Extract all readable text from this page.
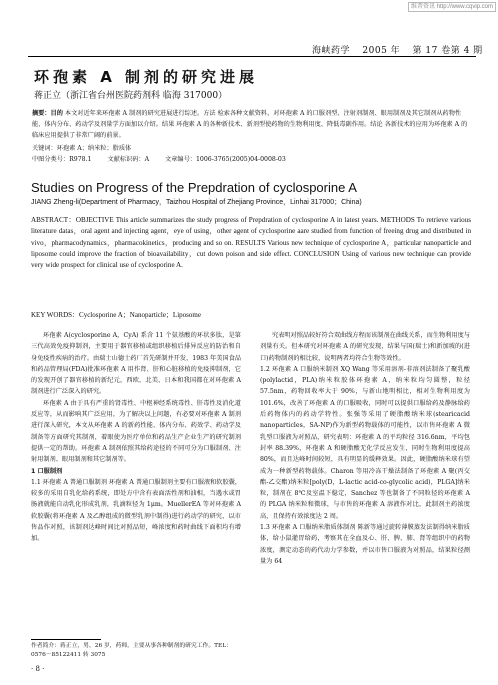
维普资讯 http://www.cqvip.com
海峡药学 2005 年 第 17 卷第 4 期
环孢素 A 制剂的研究进展
蒋正立（浙江省台州医院药剂科 临海 317000）
摘要：目的 本文对近年来环孢素 A 制剂的研究进展进行综述。方法 检索各种文献资料，对环孢素 A 的口服剂型、注射剂制剂、眼用制剂及其它制剂从药物性能、体内分布、药动学及剂量学方面加以介绍。结果 环孢素 A 的各种新技术、新剂型使药物的生物利用度、降低毒副作用。结论 各新技术的应用为环孢素 A 的临床应用提供了非常广阔的前景。
关键词：环孢素 A；纳米粒；脂质体
中图分类号：R978.1	文献标识码：A	文章编号：1006-3765(2005)04-0008-03
Studies on Progress of the Prepdration of cyclosporine A
JIANG Zheng-li(Department of Pharmacy，Taizhou Hospital of Zhejiang Province，Linhai 317000；China)
ABSTRACT：OBJECTIVE This article summarizes the study progress of Prepdration of cyclosporine A in latest years. METHODS To retrieve various literature datas，oral agent and injecting agent，eye of using，other agent of cyclosporine aare studied from function of freeing drug and distributed in vivo，pharmacodynamics，pharmacokinetics，producing and so on. RESULTS Various new technique of cyclosporine A，particular nanoparticle and liposome could improve the fraction of bioavailability，cut down poison and side effect. CONCLUSION Using of various new technique can provide very wide prospect for clinical use of cyclosporine A.
KEY WORDS：Cyclosporine A；Nanoparticle；Liposome

环孢素 A(cyclosporine A，CyA) 系含 11 个氨基酸的环状多肽，是第三代高效免疫抑制剂，主要用于器官移植或组织移植后排异反应的防治和自身免疫性疾病的治疗。由瑞士山德士药厂首先研制并开发，1983 年美国食品和药品管理局(FDA)批准环孢素 A 用作肾、肝和心脏移植的免疫抑制剂，它的发现开创了器官移植的新纪元，西欧、北美、日本和我国都在对环孢素 A 制剂进行广泛深入的研究。

环孢素 A 由于具有严重的肾毒性、中枢神经系统毒性、肝毒性及消化道反应等，从而影响其广泛应用，为了解决以上问题，有必要对环孢素 A 制剂进行深入研究，本文从环孢素 A 的新药性能、体内分布、药效学、药动学及制备等方面研究其制剂，着眼使为医疗单位和药品生产企业生产的研究制剂提供一定的帮助。环孢素 A 制剂依照其给药途径的不同可分为口服制剂、注射用制剂、眼用制剂和其它制剂等。

1 口服制剂

1.1 环孢素 A 普通口服制剂 环孢素 A 普通口服制剂主要有口服液和软胶囊，较多的采用自乳化给药系统，即处方中含有表面活性剂和油相，当遇水或胃肠液就能自动乳化形成乳剂，乳滴粒径为 1μm。MuellerEA 等对环孢素 A 软胶囊(将环孢素 A 及乙醇组成的微型乳剂中制得)进行药动学的研究，以市售品作对照，该制剂达峰时间比对照品短，峰浓度和药时曲线下面积均有增加。

究表明对照品较好符合双曲线方程而该制剂在曲线关系，而生物利用度与剂量有关。但本研究对环孢素 A 的研究发现，结果与国(瑞士)和新加坡的(进口)药物制剂的相比较，说明两者均符合生物等效性。

1.2 环孢素 A 口服纳米制剂 XQ Wang 等采用溶剂-非溶剂法制备了聚乳酸(polylactid，PLA)纳米粒胶体环孢素 A，纳米粒均匀圆整，粒径 57.5nm，药物回收率大于 90%，与新山地明相比，相对生物利用度为 101.6%，改善了环孢素 A 的口服吸收，同时可以提供口服给药及静脉给药后药物体内的药动学特性。张强等采用了硬脂酸纳米球(stearicacid nanoparticles，SA-NP)作为新型药物载体的可能性，以市售环孢素 A 微乳型口服液为对照品，研究表明：环孢素 A 的平均粒径 316.6nm，平均包封率 88.39%，环孢素 A 和硬脂酸无化学反应发生，同时生物利用度提高 80%，而且达峰时间较短，具有明显的缓释效果。因此，硬脂酸纳米球有望成为一种新型药物载体。Charon 等用冷冻干燥法制备了环孢素 A 聚(丙交酯-乙交酯)纳米粒[poly(D，L-lactic acid-co-glycolic acid)，PLGA]纳米粒，制剂在 8℃及室温下稳定，Sanchez 等也制备了不同粒径的环孢素 A 的 PLGA 纳米粒和微球，与市售的环孢素 A 溶液作对比，此制剂主药浓度高，且保持有效浓度达 2 周。

1.3 环孢素 A 口服纳米脂质体制剂 陈新等通过旋转薄膜蒸发法制得纳米脂质体，给小鼠灌胃给药，考察其在全血及心、肝、脾、肺、肾等组织中的药物浓度，测定动态的药代动力学参数，并以市售口服液为对照品，结果粒径测量为 64

作者简介：蒋正立，男，26 岁，药师，主要从事各种制剂的研究工作。TEL：0576－85122411 转 3075
· 8 ·
